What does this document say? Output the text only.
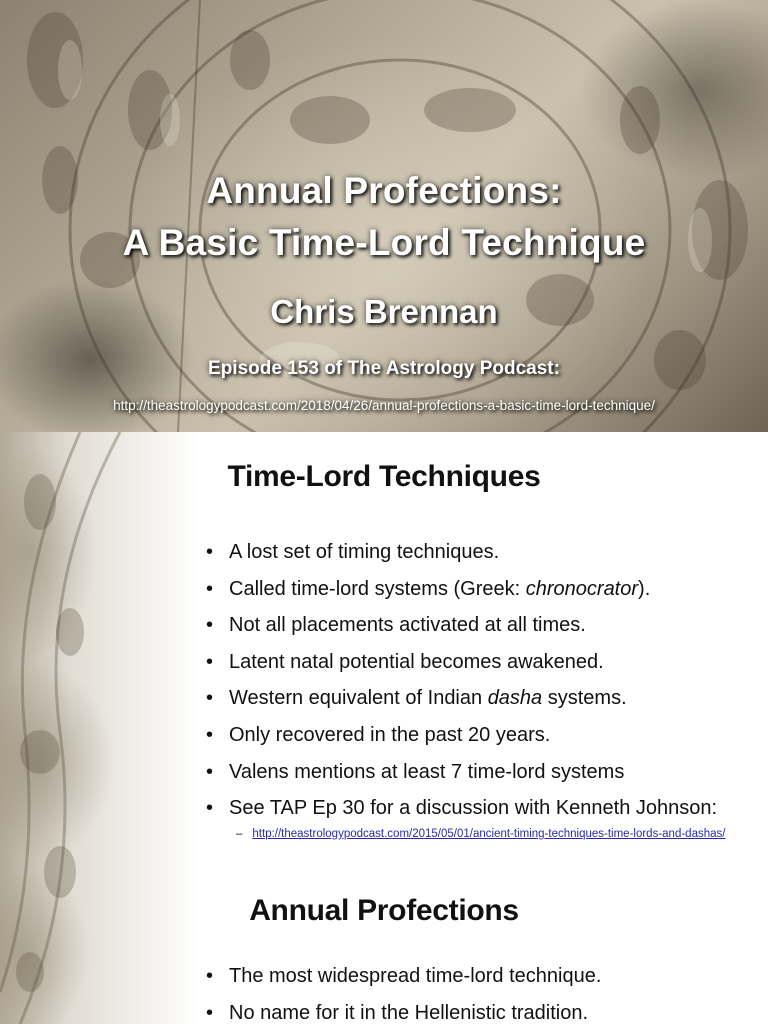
Annual Profections:
A Basic Time-Lord Technique
Chris Brennan
Episode 153 of The Astrology Podcast:
http://theastrologypodcast.com/2018/04/26/annual-profections-a-basic-time-lord-technique/
Time-Lord Techniques
• A lost set of timing techniques.
• Called time-lord systems (Greek: chronocrator).
• Not all placements activated at all times.
• Latent natal potential becomes awakened.
• Western equivalent of Indian dasha systems.
• Only recovered in the past 20 years.
• Valens mentions at least 7 time-lord systems
• See TAP Ep 30 for a discussion with Kenneth Johnson:
– http://theastrologypodcast.com/2015/05/01/ancient-timing-techniques-time-lords-and-dashas/
Annual Profections
• The most widespread time-lord technique.
• No name for it in the Hellenistic tradition.
